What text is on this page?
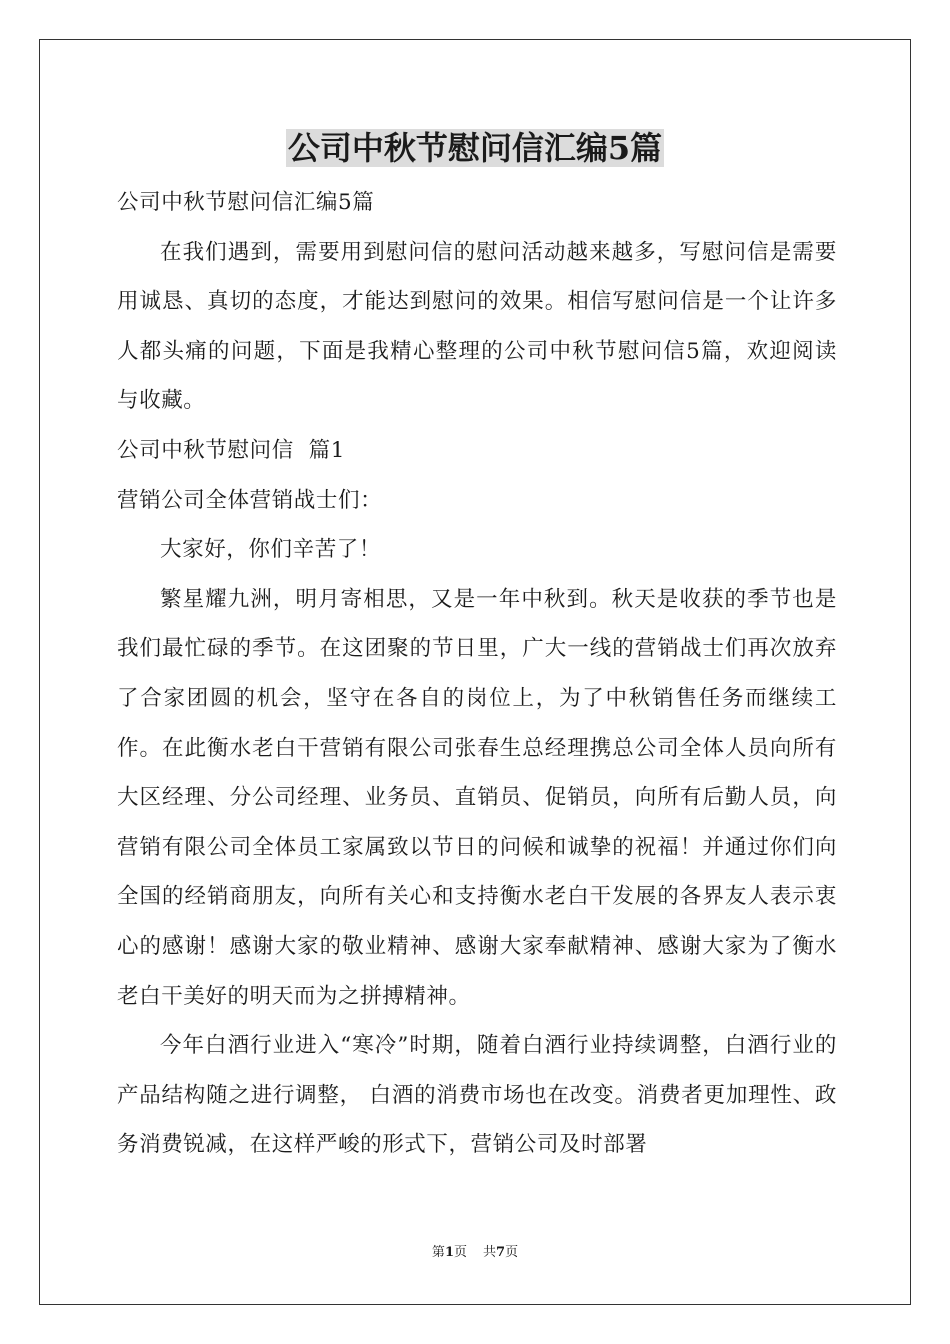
公司中秋节慰问信汇编5篇

公司中秋节慰问信汇编5篇

在我们遇到，需要用到慰问信的慰问活动越来越多，写慰问信是需要用诚恳、真切的态度，才能达到慰问的效果。相信写慰问信是一个让许多人都头痛的问题，下面是我精心整理的公司中秋节慰问信5篇，欢迎阅读与收藏。

公司中秋节慰问信  篇1

营销公司全体营销战士们：

大家好，你们辛苦了！

繁星耀九洲，明月寄相思，又是一年中秋到。秋天是收获的季节也是我们最忙碌的季节。在这团聚的节日里，广大一线的营销战士们再次放弃了合家团圆的机会，坚守在各自的岗位上，为了中秋销售任务而继续工作。在此衡水老白干营销有限公司张春生总经理携总公司全体人员向所有大区经理、分公司经理、业务员、直销员、促销员，向所有后勤人员，向营销有限公司全体员工家属致以节日的问候和诚挚的祝福！并通过你们向全国的经销商朋友，向所有关心和支持衡水老白干发展的各界友人表示衷心的感谢！感谢大家的敬业精神、感谢大家奉献精神、感谢大家为了衡水老白干美好的明天而为之拼搏精神。

今年白酒行业进入“寒冷”时期，随着白酒行业持续调整，白酒行业的产品结构随之进行调整， 白酒的消费市场也在改变。消费者更加理性、政务消费锐减，在这样严峻的形式下，营销公司及时部署

第1页 共7页
